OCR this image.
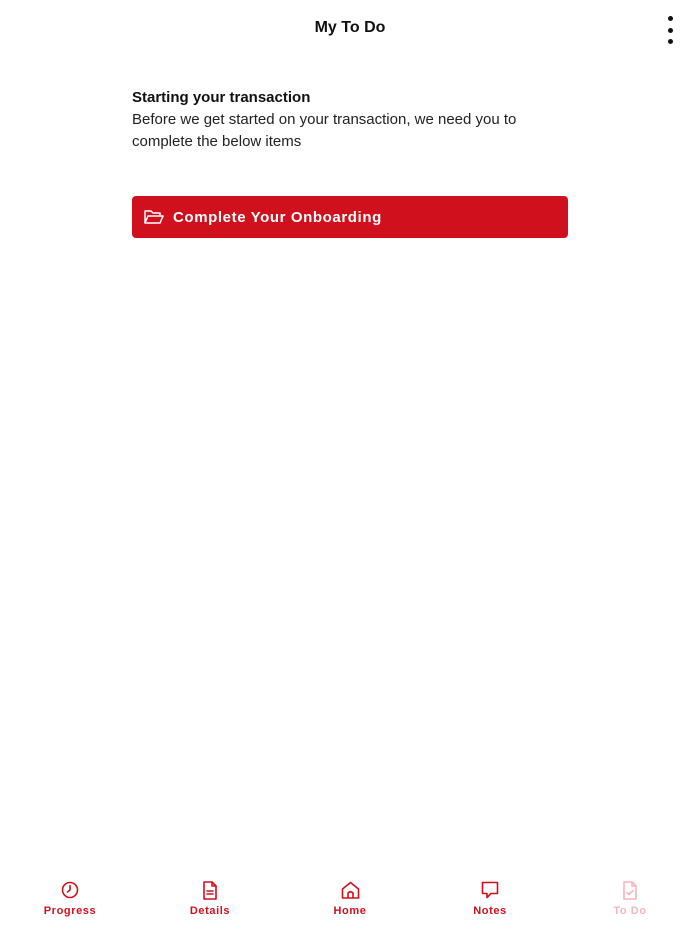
My To Do
Starting your transaction
Before we get started on your transaction, we need you to complete the below items
Complete Your Onboarding
Progress	Details	Home	Notes	To Do
